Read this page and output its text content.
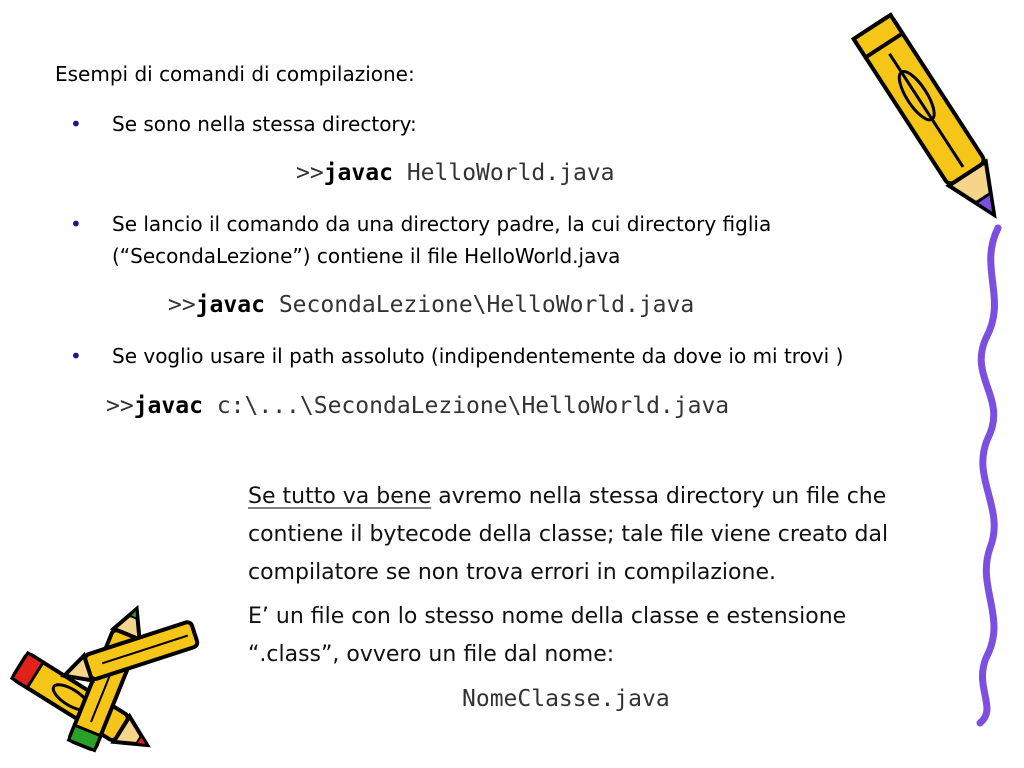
Esempi di comandi di compilazione:
• Se sono nella stessa directory:
>>javac HelloWorld.java
• Se lancio il comando da una directory padre, la cui directory figlia
(“SecondaLezione”) contiene il file HelloWorld.java
>>javac SecondaLezione\HelloWorld.java
• Se voglio usare il path assoluto (indipendentemente da dove io mi trovi )
>>javac c:\...\SecondaLezione\HelloWorld.java
Se tutto va bene avremo nella stessa directory un file che
contiene il bytecode della classe; tale file viene creato dal
compilatore se non trova errori in compilazione.
E’ un file con lo stesso nome della classe e estensione
“.class”, ovvero un file dal nome:
NomeClasse.java
